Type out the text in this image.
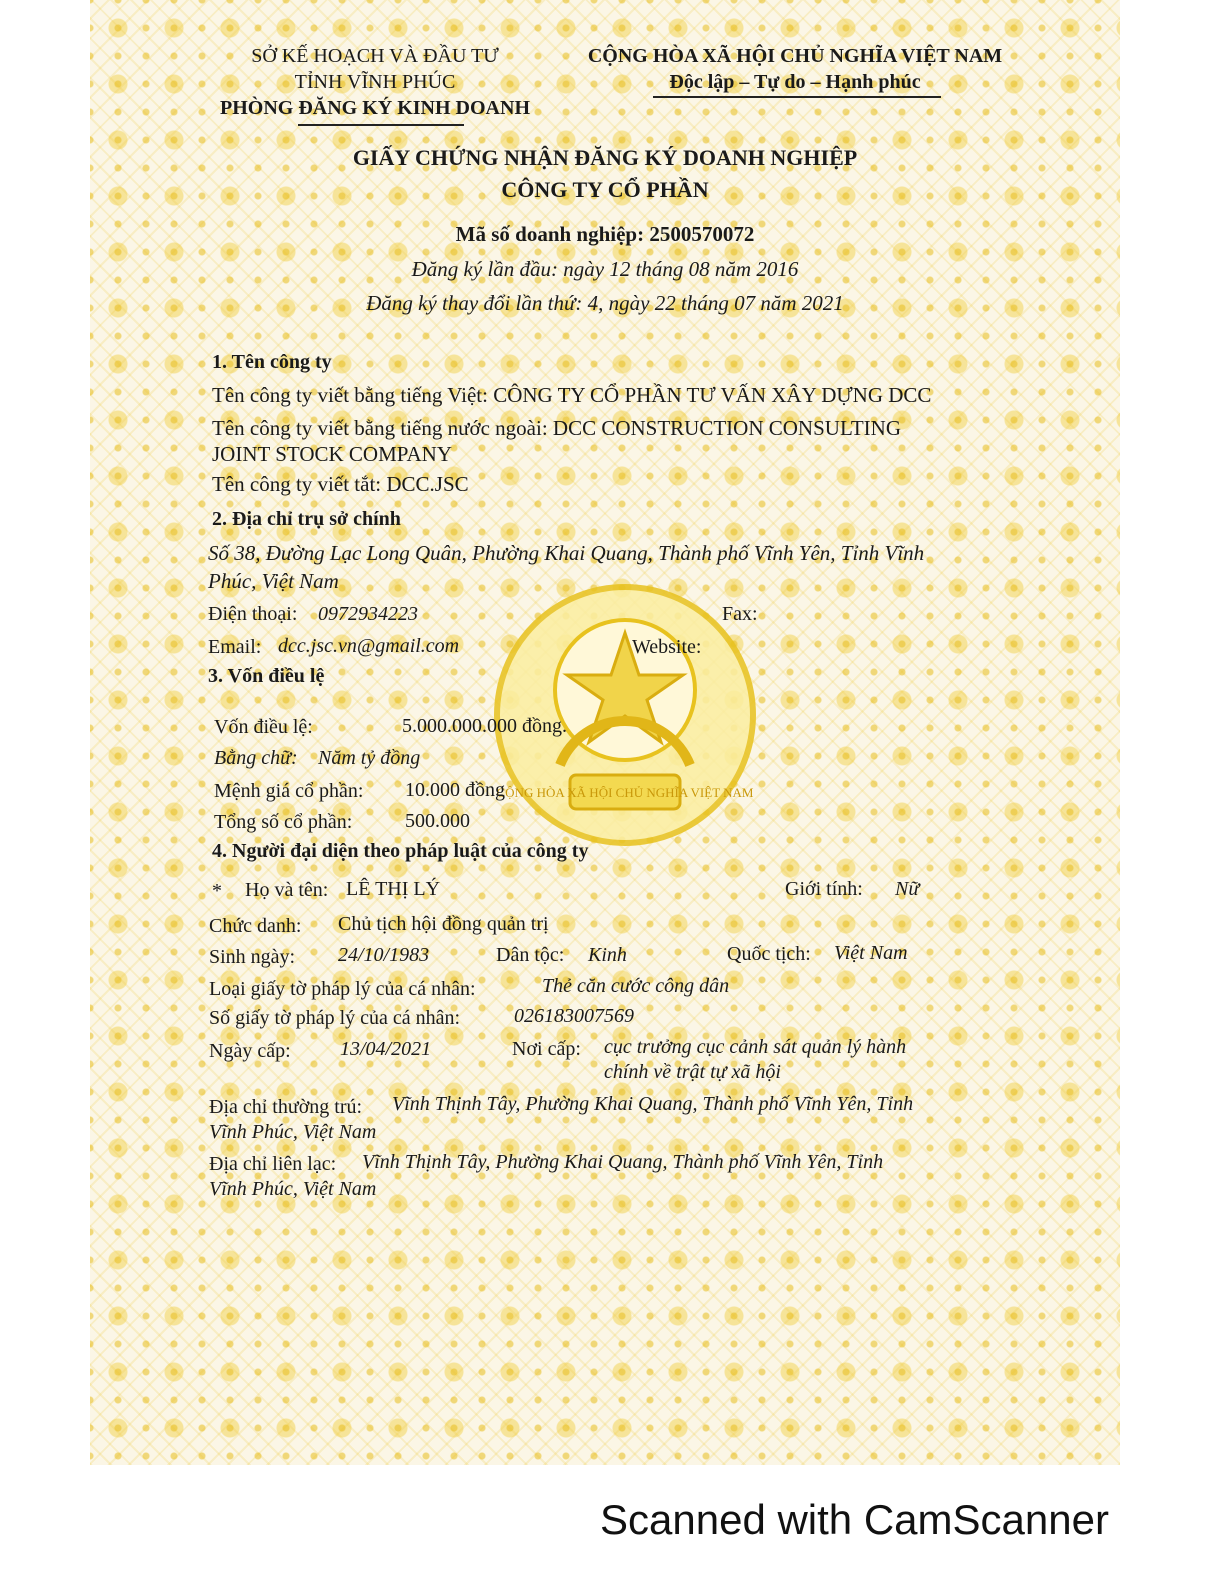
CỘNG HÒA XÃ HỘI CHỦ NGHĨA VIỆT NAM
SỞ KẾ HOẠCH VÀ ĐẦU TƯ
TỈNH VĨNH PHÚC
PHÒNG ĐĂNG KÝ KINH DOANH
CỘNG HÒA XÃ HỘI CHỦ NGHĨA VIỆT NAM
Độc lập – Tự do – Hạnh phúc
GIẤY CHỨNG NHẬN ĐĂNG KÝ DOANH NGHIỆP
CÔNG TY CỔ PHẦN
Mã số doanh nghiệp: 2500570072
Đăng ký lần đầu: ngày 12 tháng 08 năm 2016
Đăng ký thay đổi lần thứ: 4, ngày 22 tháng 07 năm 2021
1. Tên công ty
Tên công ty viết bằng tiếng Việt: CÔNG TY CỔ PHẦN TƯ VẤN XÂY DỰNG DCC
Tên công ty viết bằng tiếng nước ngoài: DCC CONSTRUCTION CONSULTING
JOINT STOCK COMPANY
Tên công ty viết tắt: DCC.JSC
2. Địa chỉ trụ sở chính
Số 38, Đường Lạc Long Quân, Phường Khai Quang, Thành phố Vĩnh Yên, Tỉnh Vĩnh
Phúc, Việt Nam
Điện thoại: 0972934223	Fax:
Email: dcc.jsc.vn@gmail.com	Website:
3. Vốn điều lệ
Vốn điều lệ:	5.000.000.000 đồng.
Bằng chữ: Năm tỷ đồng
Mệnh giá cổ phần: 10.000 đồng
Tổng số cổ phần:	500.000
4. Người đại diện theo pháp luật của công ty
* Họ và tên: LÊ THỊ LÝ	Giới tính: Nữ
Chức danh: Chủ tịch hội đồng quản trị
Sinh ngày: 24/10/1983	Dân tộc: Kinh	Quốc tịch: Việt Nam
Loại giấy tờ pháp lý của cá nhân:	Thẻ căn cước công dân
Số giấy tờ pháp lý của cá nhân:	026183007569
Ngày cấp: 13/04/2021	Nơi cấp: cục trưởng cục cảnh sát quản lý hành
chính về trật tự xã hội
Địa chỉ thường trú: Vĩnh Thịnh Tây, Phường Khai Quang, Thành phố Vĩnh Yên, Tỉnh
Vĩnh Phúc, Việt Nam
Địa chỉ liên lạc: Vĩnh Thịnh Tây, Phường Khai Quang, Thành phố Vĩnh Yên, Tỉnh
Vĩnh Phúc, Việt Nam
Scanned with CamScanner
